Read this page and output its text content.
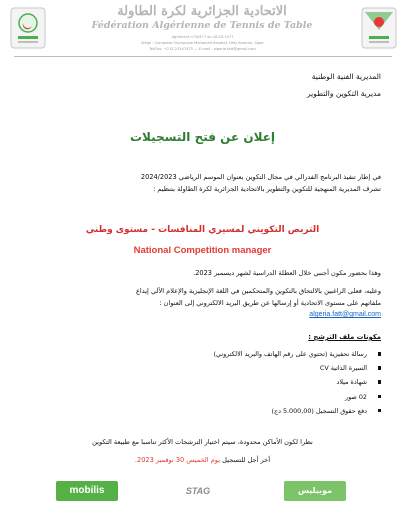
الاتحادية الجزائرية لكرة الطاولة
Fédération Algérienne de Tennis de Table
Agrément n°00477 du 16.03.1977
Siège : Complexe Olympique Mohamed Boudiaf, Dely Ibrahim, Alger
Tel/Fax: +213 23147475 — E-mail : algeria.fatt@gmail.com
المديرية الفنية الوطنية
مديرية التكوين والتطوير
إعلان عن فتح التسجيلات
في إطار تنفيذ البرنامج الفدرالي في مجال التكوين بعنوان الموسم الرياضي 2024/2023
تشرف المديرية المنهجية للتكوين والتطوير بالاتحادية الجزائرية لكرة الطاولة بتنظيم :
التربص التكويني لمسيري المنافسات - مستوى وطني
National Competition manager
وهذا بحضور مكون أجنبي خلال العطلة الدراسية لشهر ديسمبر 2023.
وعليه، فعلى الراغبين بالالتحاق بالتكوين والمتحكمين في اللغة الإنجليزية والإعلام الآلي إيداع
ملفاتهم على مستوى الاتحادية أو إرسالها عن طريق البريد الالكتروني إلى العنوان :
algeria.fatt@gmail.com
مكونات ملف الترشح :
رسالة تحفيزية (تحتوي على رقم الهاتف والبريد الالكتروني)
السيرة الذاتية CV
شهادة ميلاد
02 صور
دفع حقوق التسجيل (5.000,00 دج)
نظرا لكون الأماكن محدودة، سيتم اختيار الترشحات الأكثر تناسبا مع طبيعة التكوين
آخر أجل للتسجيل يوم الخميس 30 نوفمبر 2023.
mobilis	STAG	موبيليس
